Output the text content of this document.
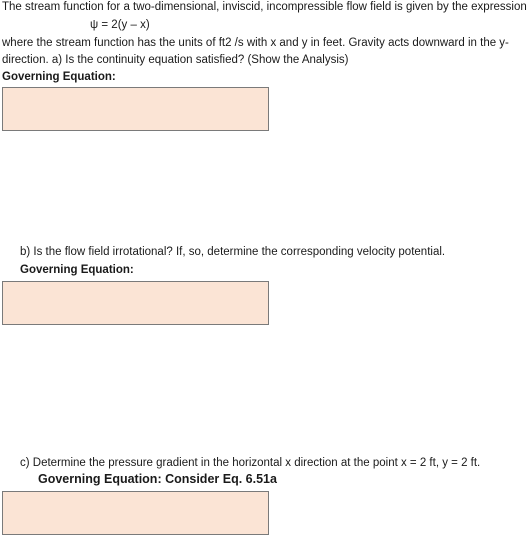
The stream function for a two-dimensional, inviscid, incompressible flow field is given by the expression
ψ = 2(y – x)
where the stream function has the units of ft2 /s with x and y in feet. Gravity acts downward in the y-
direction. a) Is the continuity equation satisfied? (Show the Analysis)
Governing Equation:
b) Is the flow field irrotational? If, so, determine the corresponding velocity potential.
Governing Equation:
c) Determine the pressure gradient in the horizontal x direction at the point x = 2 ft, y = 2 ft.
Governing Equation: Consider Eq. 6.51a
